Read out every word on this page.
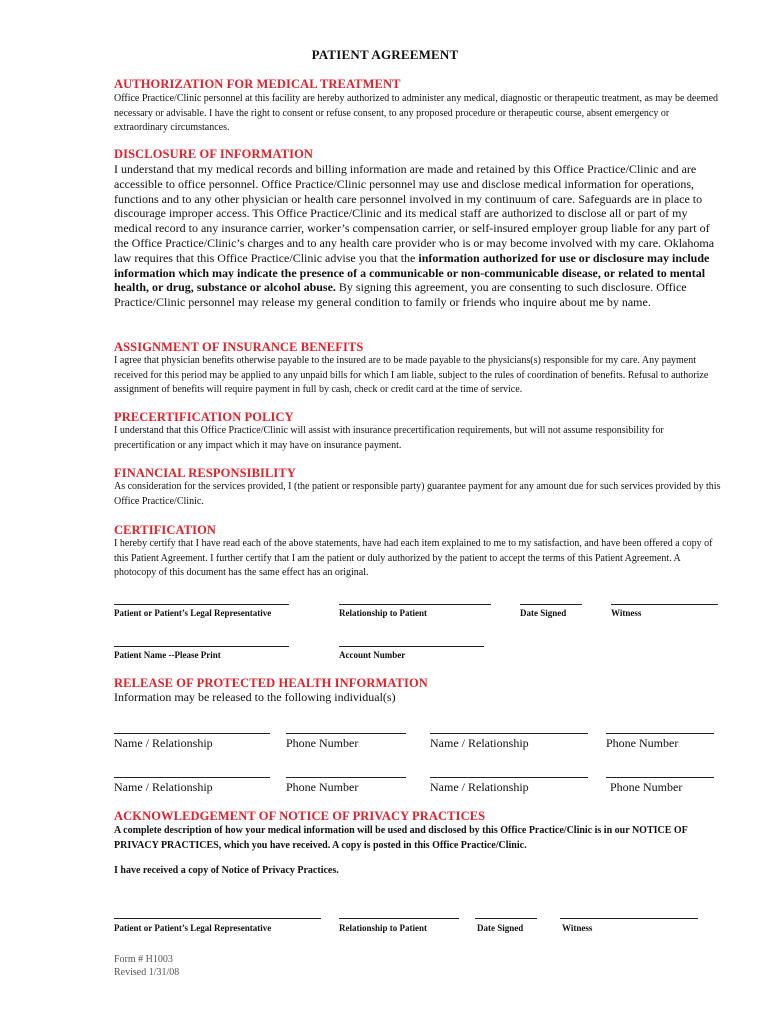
PATIENT AGREEMENT
AUTHORIZATION FOR MEDICAL TREATMENT
Office Practice/Clinic personnel at this facility are hereby authorized to administer any medical, diagnostic or therapeutic treatment, as may be deemed necessary or advisable. I have the right to consent or refuse consent, to any proposed procedure or therapeutic course, absent emergency or extraordinary circumstances.
DISCLOSURE OF INFORMATION
I understand that my medical records and billing information are made and retained by this Office Practice/Clinic and are accessible to office personnel. Office Practice/Clinic personnel may use and disclose medical information for operations, functions and to any other physician or health care personnel involved in my continuum of care. Safeguards are in place to discourage improper access. This Office Practice/Clinic and its medical staff are authorized to disclose all or part of my medical record to any insurance carrier, worker’s compensation carrier, or self-insured employer group liable for any part of the Office Practice/Clinic’s charges and to any health care provider who is or may become involved with my care. Oklahoma law requires that this Office Practice/Clinic advise you that the information authorized for use or disclosure may include information which may indicate the presence of a communicable or non-communicable disease, or related to mental health, or drug, substance or alcohol abuse. By signing this agreement, you are consenting to such disclosure. Office Practice/Clinic personnel may release my general condition to family or friends who inquire about me by name.
ASSIGNMENT OF INSURANCE BENEFITS
I agree that physician benefits otherwise payable to the insured are to be made payable to the physicians(s) responsible for my care. Any payment received for this period may be applied to any unpaid bills for which I am liable, subject to the rules of coordination of benefits. Refusal to authorize assignment of benefits will require payment in full by cash, check or credit card at the time of service.
PRECERTIFICATION POLICY
I understand that this Office Practice/Clinic will assist with insurance precertification requirements, but will not assume responsibility for precertification or any impact which it may have on insurance payment.
FINANCIAL RESPONSIBILITY
As consideration for the services provided, I (the patient or responsible party) guarantee payment for any amount due for such services provided by this Office Practice/Clinic.
CERTIFICATION
I hereby certify that I have read each of the above statements, have had each item explained to me to my satisfaction, and have been offered a copy of this Patient Agreement. I further certify that I am the patient or duly authorized by the patient to accept the terms of this Patient Agreement. A photocopy of this document has the same effect has an original.
Patient or Patient’s Legal Representative	Relationship to Patient	Date Signed	Witness
Patient Name --Please Print	Account Number
RELEASE OF PROTECTED HEALTH INFORMATION
Information may be released to the following individual(s)
Name / Relationship	Phone Number	Name / Relationship	Phone Number
Name / Relationship	Phone Number	Name / Relationship	Phone Number
ACKNOWLEDGEMENT OF NOTICE OF PRIVACY PRACTICES
A complete description of how your medical information will be used and disclosed by this Office Practice/Clinic is in our NOTICE OF PRIVACY PRACTICES, which you have received. A copy is posted in this Office Practice/Clinic.
I have received a copy of Notice of Privacy Practices.
Patient or Patient’s Legal Representative	Relationship to Patient	Date Signed	Witness
Form # H1003
Revised 1/31/08
